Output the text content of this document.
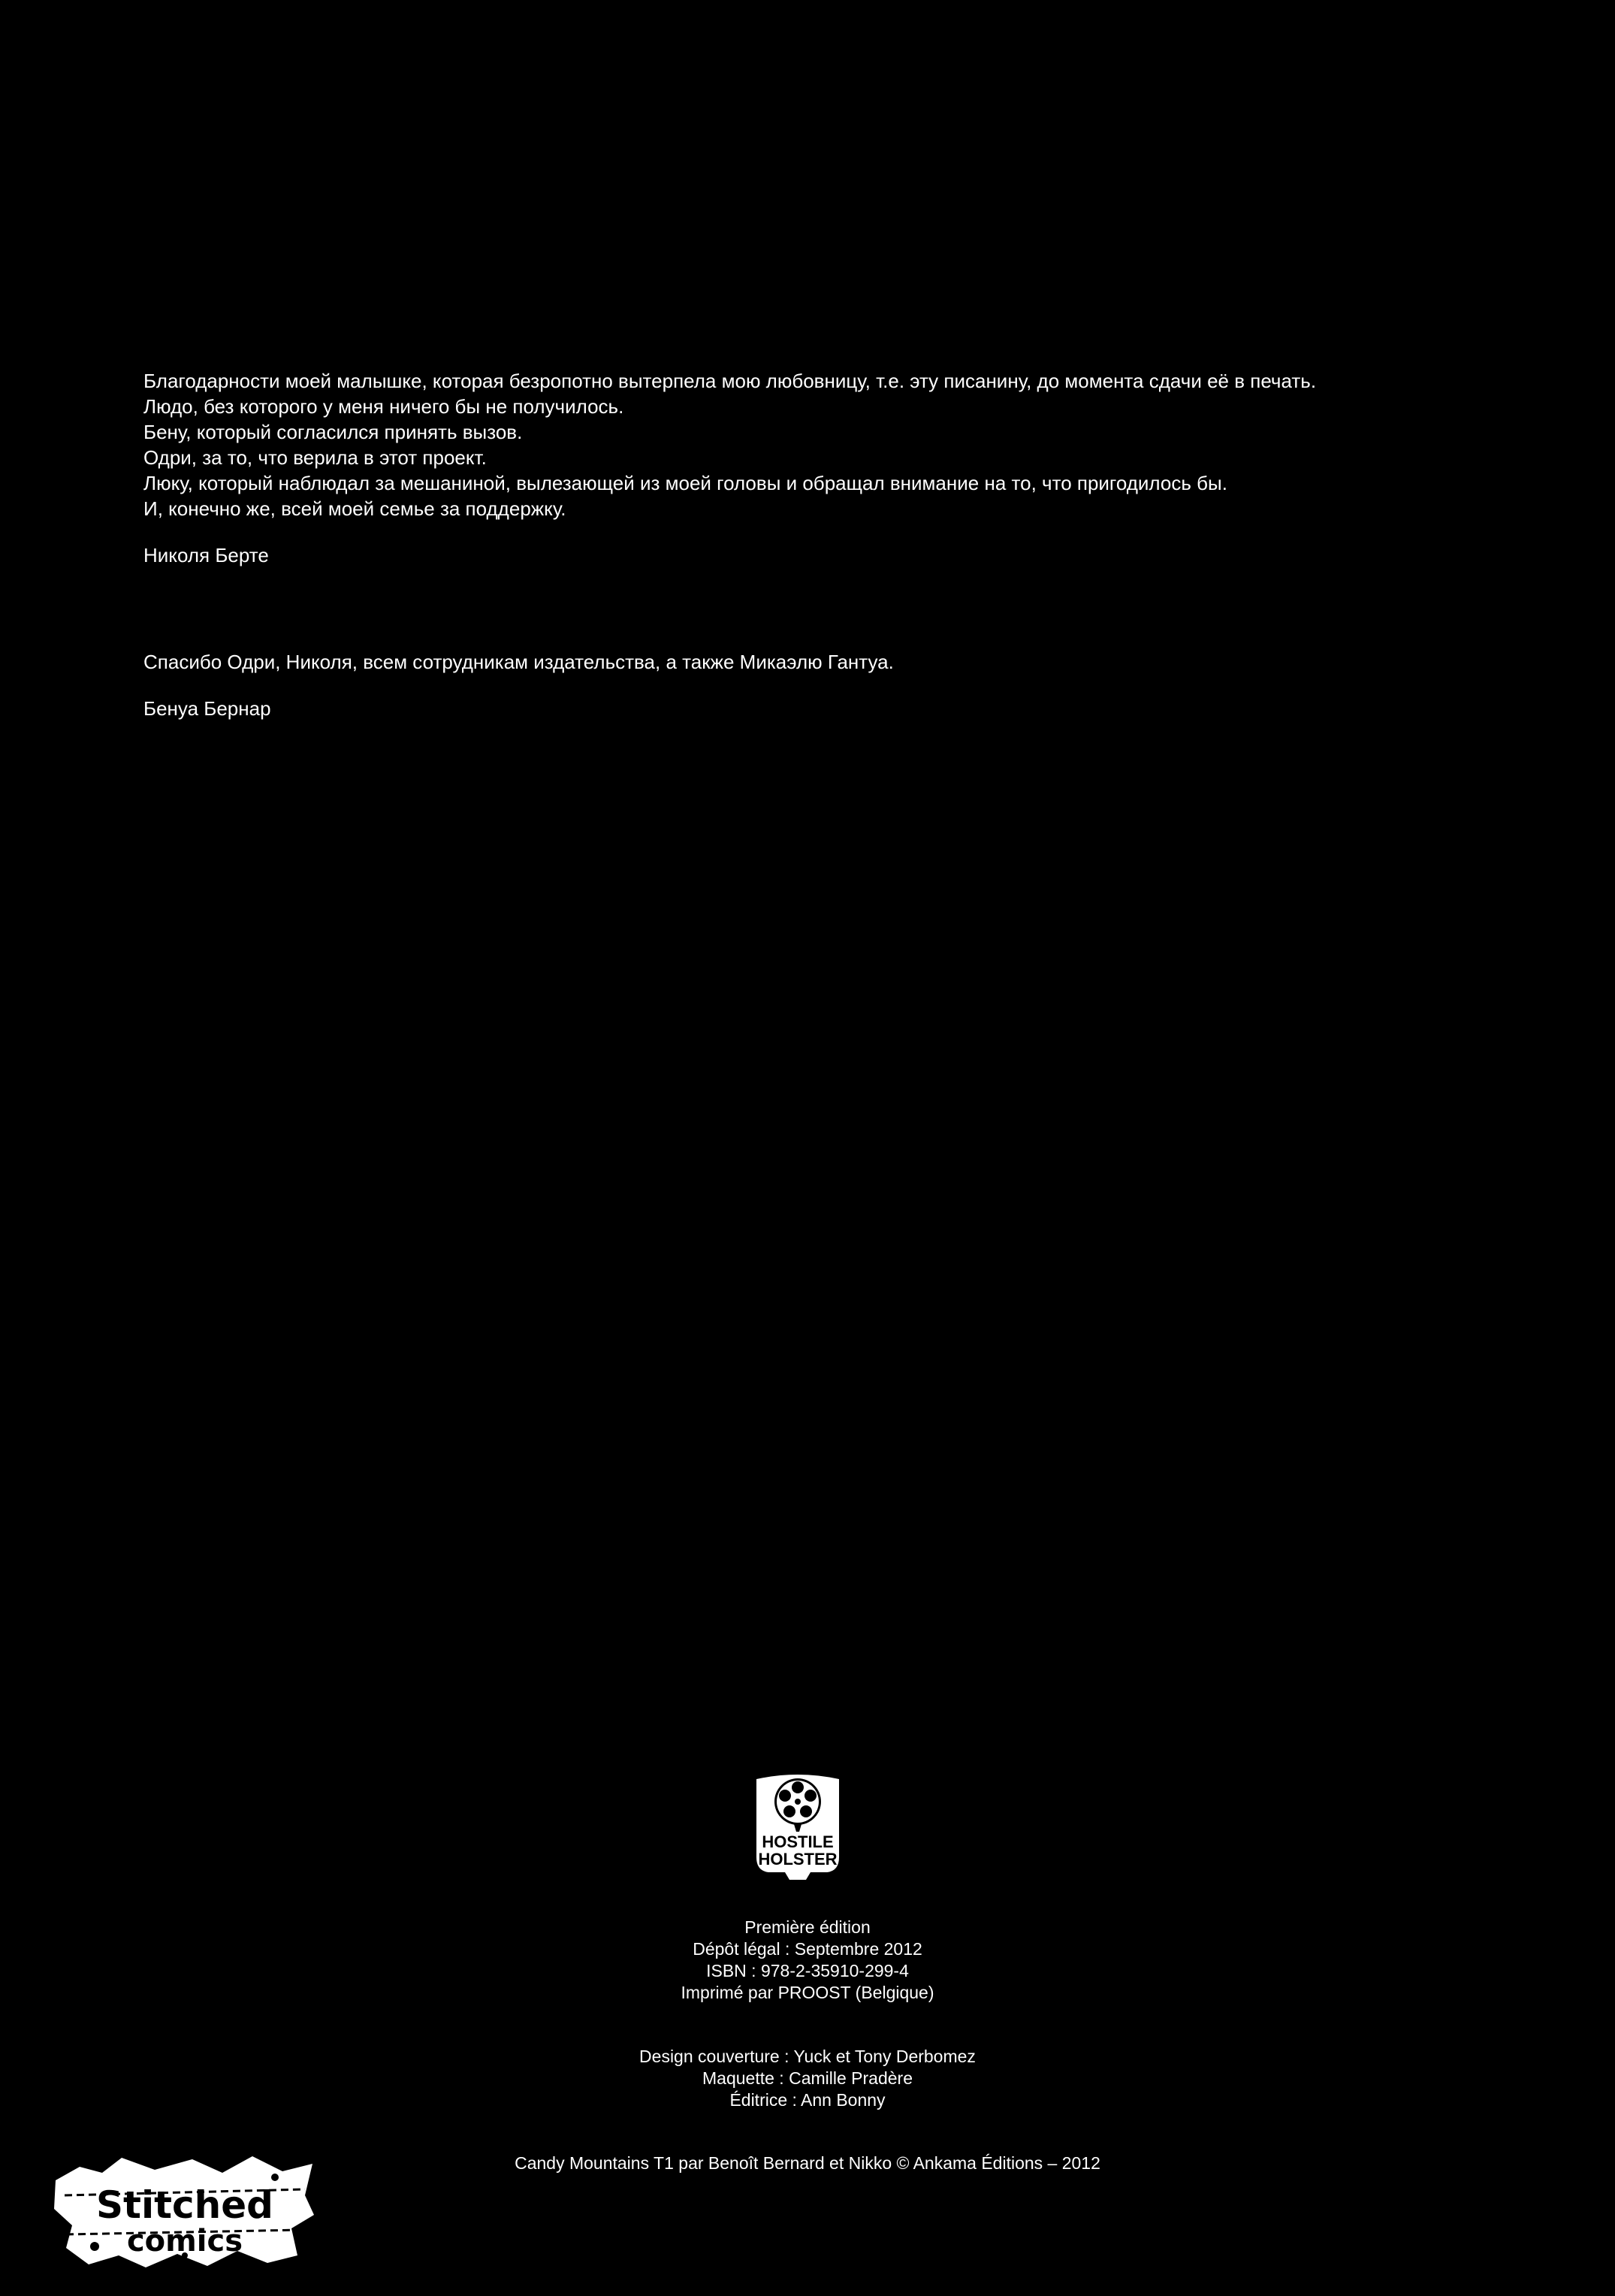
Благодарности моей малышке, которая безропотно вытерпела мою любовницу, т.е. эту писанину, до момента сдачи её в печать.
Людо, без которого у меня ничего бы не получилось.
Бену, который согласился принять вызов.
Одри, за то, что верила в этот проект.
Люку, который наблюдал за мешаниной, вылезающей из моей головы и обращал внимание на то, что пригодилось бы.
И, конечно же, всей моей семье за поддержку.
Николя Берте
Спасибо Одри, Николя, всем сотрудникам издательства, а также Микаэлю Гантуа.
Бенуа Бернар
HOSTILE
HOLSTER
Première édition
Dépôt légal : Septembre 2012
ISBN : 978-2-35910-299-4
Imprimé par PROOST (Belgique)
Design couverture : Yuck et Tony Derbomez
Maquette : Camille Pradère
Éditrice : Ann Bonny
Candy Mountains T1 par Benoît Bernard et Nikko © Ankama Éditions – 2012
Stitched
comics
